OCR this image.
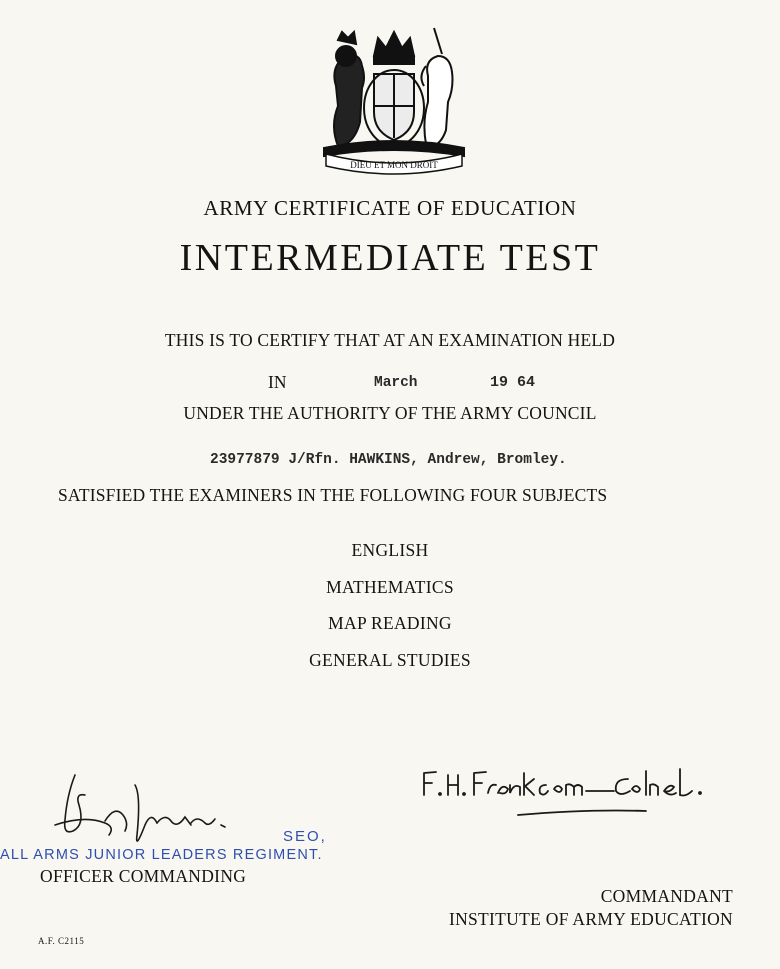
DIEU ET MON DROIT
ARMY CERTIFICATE OF EDUCATION
INTERMEDIATE TEST
THIS IS TO CERTIFY THAT AT AN EXAMINATION HELD
IN	March	19 64
UNDER THE AUTHORITY OF THE ARMY COUNCIL
23977879 J/Rfn. HAWKINS, Andrew, Bromley.
SATISFIED THE EXAMINERS IN THE FOLLOWING FOUR SUBJECTS
ENGLISH
MATHEMATICS
MAP READING
GENERAL STUDIES
SEO,
ALL ARMS JUNIOR LEADERS REGIMENT.
OFFICER COMMANDING
COMMANDANT
INSTITUTE OF ARMY EDUCATION
A.F. C2115
